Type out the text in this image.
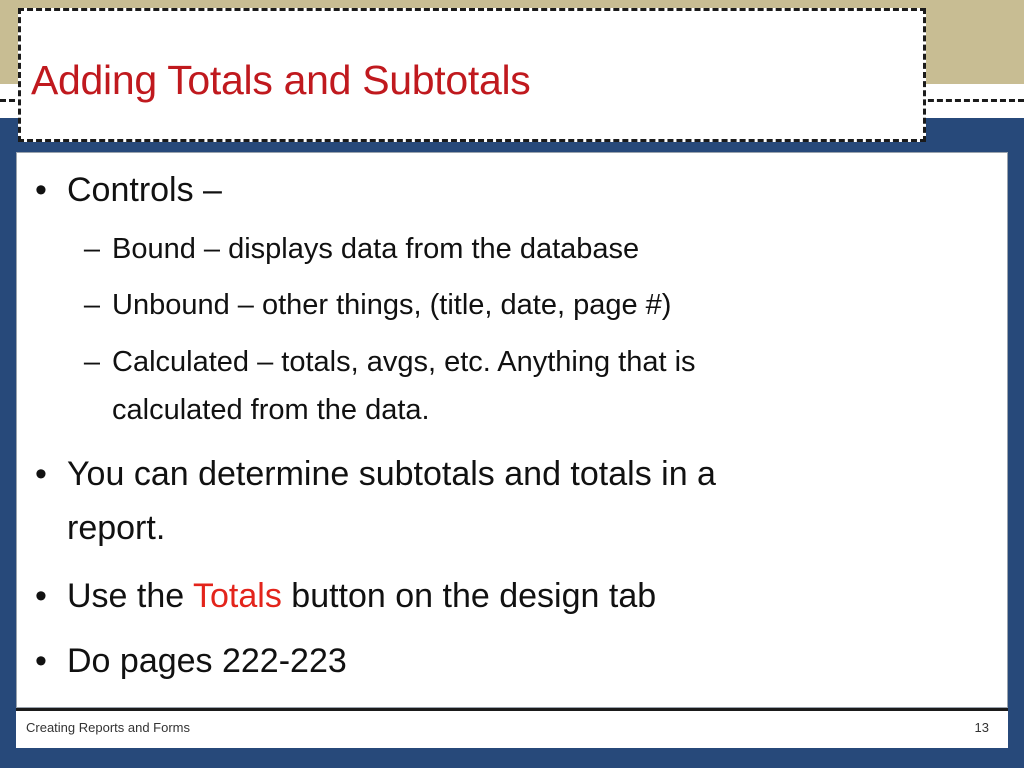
Adding Totals and Subtotals
• Controls –
– Bound – displays data from the database
– Unbound – other things, (title, date, page #)
– Calculated – totals, avgs, etc. Anything that is
calculated from the data.
• You can determine subtotals and totals in a
report.
• Use the Totals button on the design tab
• Do pages 222-223
Creating Reports and Forms	13
